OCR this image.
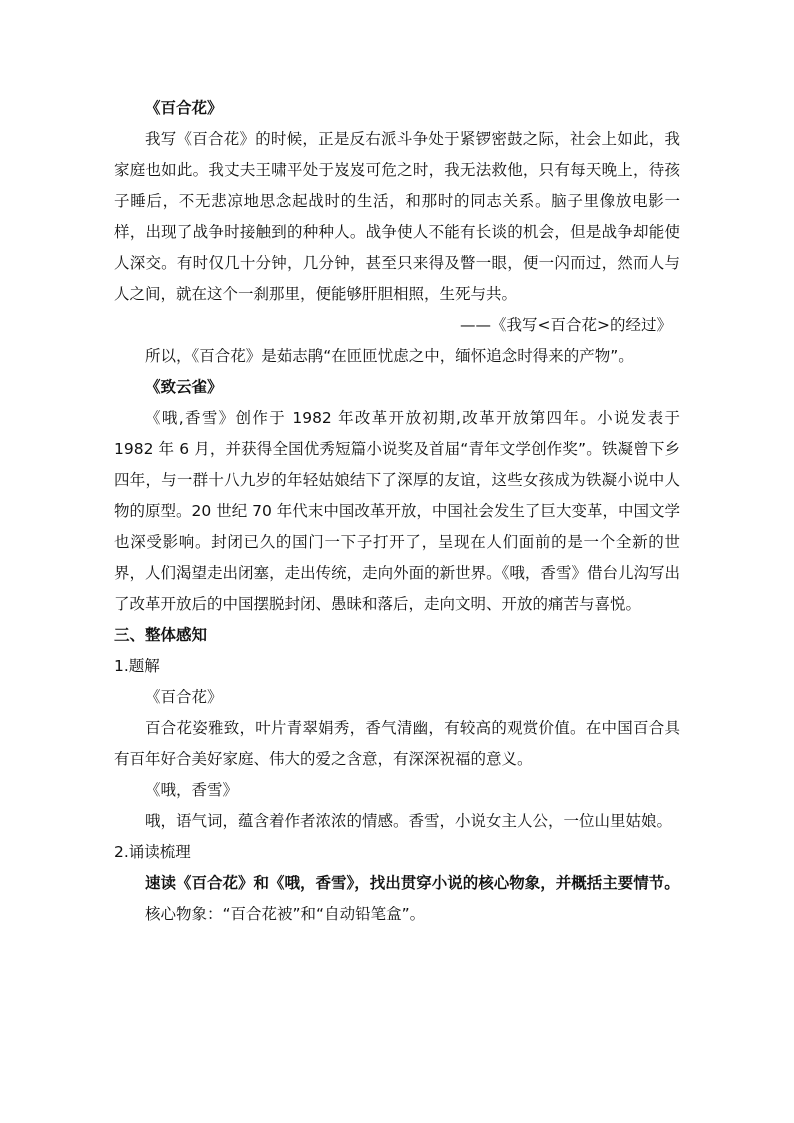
《百合花》

我写《百合花》的时候，正是反右派斗争处于紧锣密鼓之际，社会上如此，我家庭也如此。我丈夫王啸平处于岌岌可危之时，我无法救他，只有每天晚上，待孩子睡后，不无悲凉地思念起战时的生活，和那时的同志关系。脑子里像放电影一样，出现了战争时接触到的种种人。战争使人不能有长谈的机会，但是战争却能使人深交。有时仅几十分钟，几分钟，甚至只来得及瞥一眼，便一闪而过，然而人与人之间，就在这个一刹那里，便能够肝胆相照，生死与共。

——《我写<百合花>的经过》

所以，《百合花》是茹志鹃“在匝匝忧虑之中，缅怀追念时得来的产物”。

《致云雀》

《哦,香雪》创作于 1982 年改革开放初期,改革开放第四年。小说发表于 1982 年 6 月，并获得全国优秀短篇小说奖及首届“青年文学创作奖”。铁凝曾下乡四年，与一群十八九岁的年轻姑娘结下了深厚的友谊，这些女孩成为铁凝小说中人物的原型。20 世纪 70 年代末中国改革开放，中国社会发生了巨大变革，中国文学也深受影响。封闭已久的国门一下子打开了，呈现在人们面前的是一个全新的世界，人们渴望走出闭塞，走出传统，走向外面的新世界。《哦，香雪》借台儿沟写出了改革开放后的中国摆脱封闭、愚昧和落后，走向文明、开放的痛苦与喜悦。

三、整体感知

1.题解

《百合花》

百合花姿雅致，叶片青翠娟秀，香气清幽，有较高的观赏价值。在中国百合具有百年好合美好家庭、伟大的爱之含意，有深深祝福的意义。

《哦，香雪》

哦，语气词，蕴含着作者浓浓的情感。香雪，小说女主人公，一位山里姑娘。

2.诵读梳理

速读《百合花》和《哦，香雪》，找出贯穿小说的核心物象，并概括主要情节。

核心物象：“百合花被”和“自动铅笔盒”。
